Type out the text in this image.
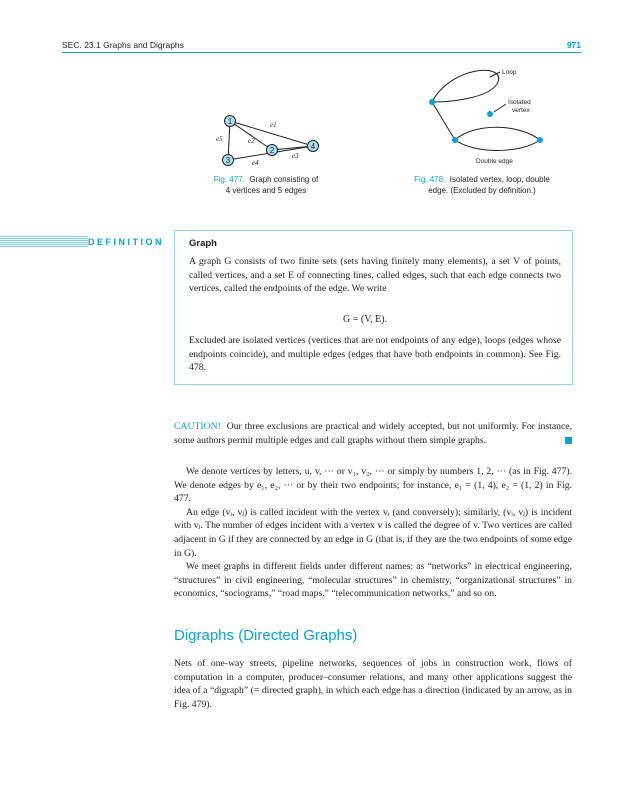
SEC. 23.1 Graphs and Digraphs	971
1
2
3
4
e1
e2
e3
e4
e5
Fig. 477. Graph consisting of
4 vertices and 5 edges
Loop
Isolated
vertex
Double edge
Fig. 478. Isolated vertex, loop, double
edge. (Excluded by definition.)
DEFINITION	Graph

A graph G consists of two finite sets (sets having finitely many elements), a set V of points, called vertices, and a set E of connecting lines, called edges, such that each edge connects two vertices, called the endpoints of the edge. We write

G = (V, E).

Excluded are isolated vertices (vertices that are not endpoints of any edge), loops (edges whose endpoints coincide), and multiple edges (edges that have both endpoints in common). See Fig. 478.

CAUTION! Our three exclusions are practical and widely accepted, but not uniformly. For instance, some authors permit multiple edges and call graphs without them simple graphs.

We denote vertices by letters, u, v, ··· or v₁, v₂, ··· or simply by numbers 1, 2, ··· (as in Fig. 477). We denote edges by e₁, e₂, ··· or by their two endpoints; for instance, e₁ = (1, 4), e₂ = (1, 2) in Fig. 477.

An edge (vᵢ, vⱼ) is called incident with the vertex vᵢ (and conversely); similarly, (vᵢ, vⱼ) is incident with vⱼ. The number of edges incident with a vertex v is called the degree of v. Two vertices are called adjacent in G if they are connected by an edge in G (that is, if they are the two endpoints of some edge in G).

We meet graphs in different fields under different names: as “networks” in electrical engineering, “structures” in civil engineering, “molecular structures” in chemistry, “organizational structures” in economics, “sociograms,” “road maps,” “telecommunication networks,” and so on.

Digraphs (Directed Graphs)

Nets of one-way streets, pipeline networks, sequences of jobs in construction work, flows of computation in a computer, producer–consumer relations, and many other applications suggest the idea of a “digraph” (= directed graph), in which each edge has a direction (indicated by an arrow, as in Fig. 479).
